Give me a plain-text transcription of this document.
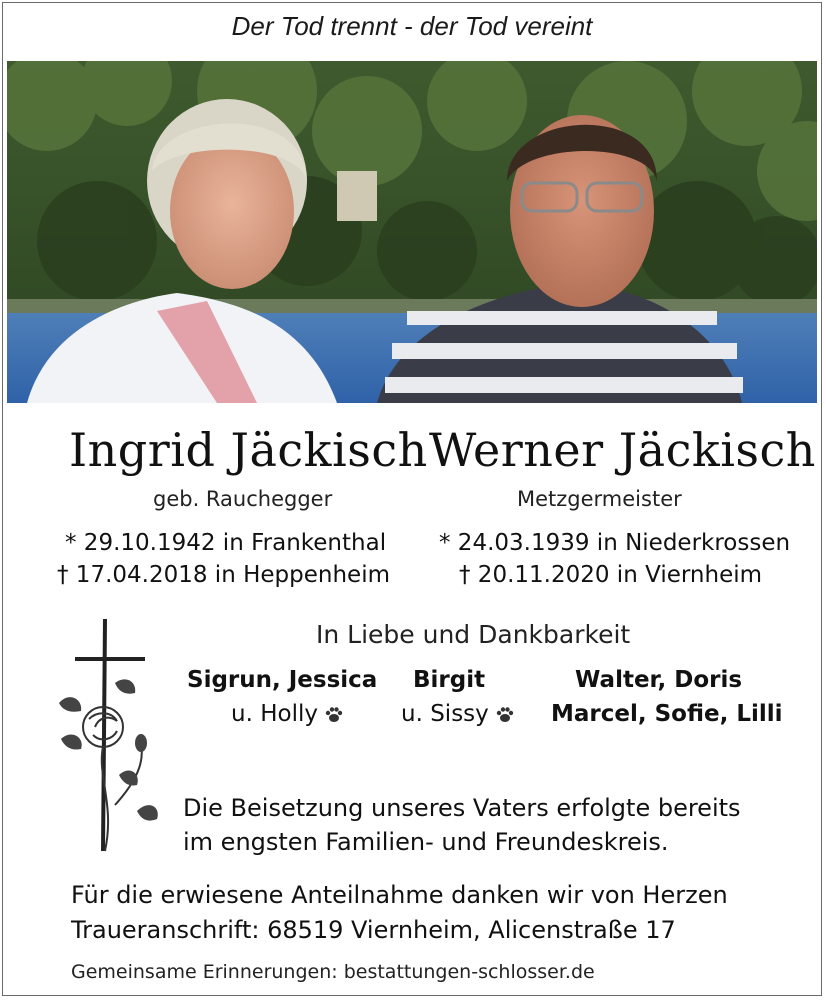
Der Tod trennt - der Tod vereint
Ingrid Jäckisch Werner Jäckisch
geb. Rauchegger	Metzgermeister
* 29.10.1942 in Frankenthal
† 17.04.2018 in Heppenheim
* 24.03.1939 in Niederkrossen
† 20.11.2020 in Viernheim
In Liebe und Dankbarkeit
Sigrun, Jessica
u. Holly
Birgit
u. Sissy
Walter, Doris
Marcel, Sofie, Lilli
Die Beisetzung unseres Vaters erfolgte bereits
im engsten Familien- und Freundeskreis.
Für die erwiesene Anteilnahme danken wir von Herzen
Traueranschrift: 68519 Viernheim, Alicenstraße 17
Gemeinsame Erinnerungen: bestattungen-schlosser.de
